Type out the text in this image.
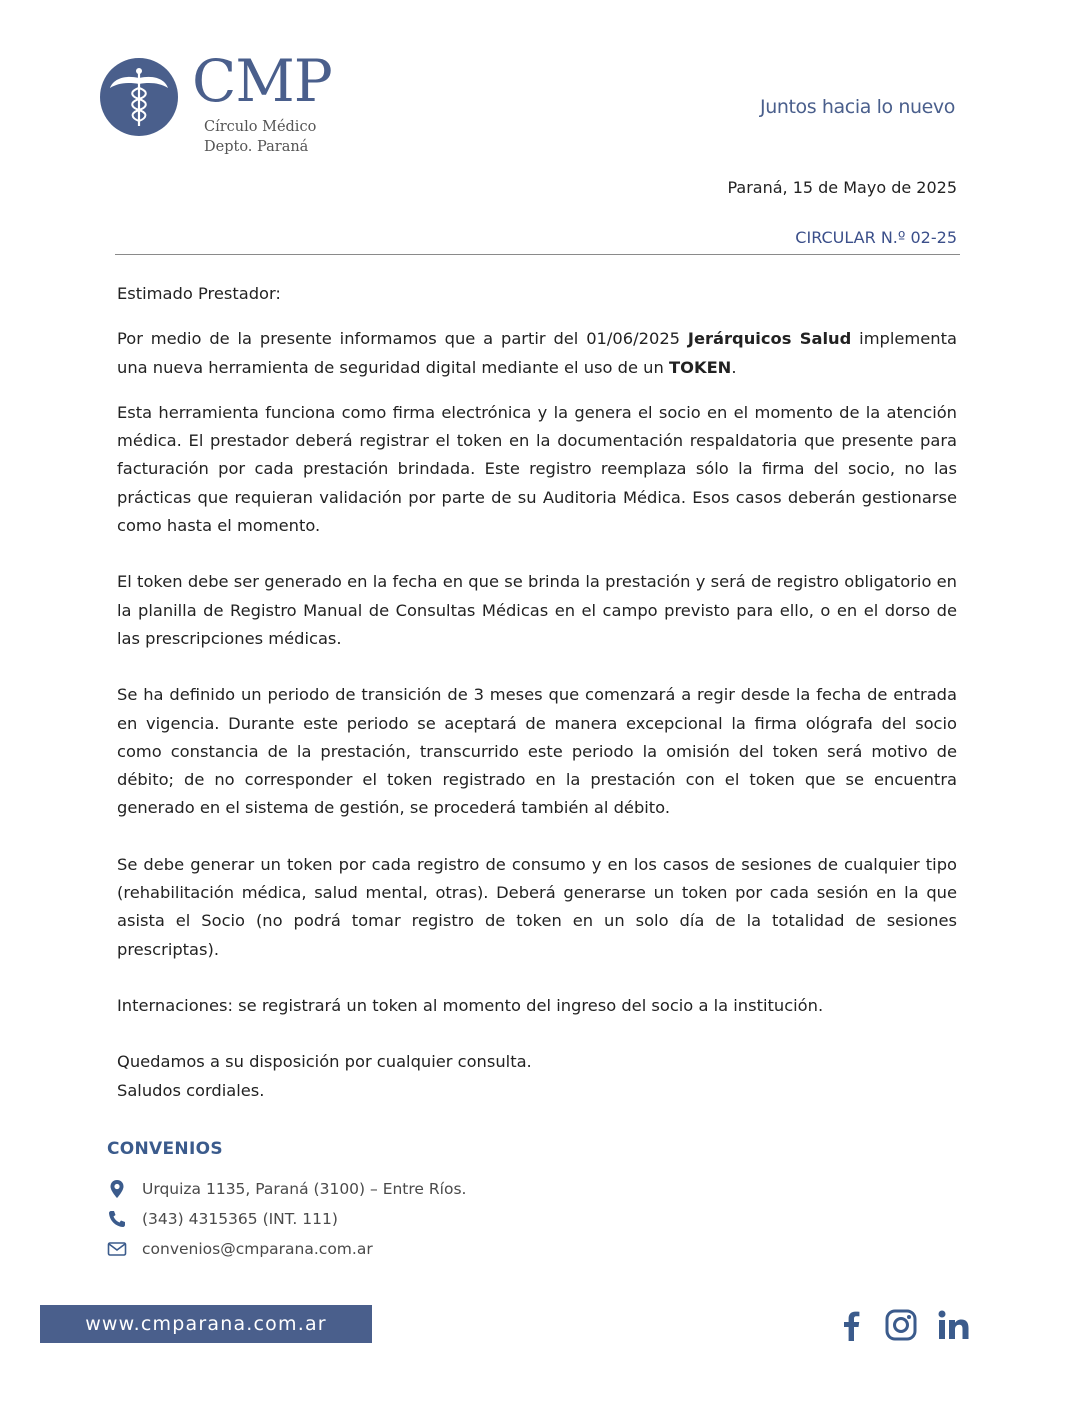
CMP
Círculo Médico
Depto. Paraná
Juntos hacia lo nuevo
Paraná, 15 de Mayo de 2025
CIRCULAR N.º 02-25

Estimado Prestador:

Por medio de la presente informamos que a partir del 01/06/2025 Jerárquicos Salud implementa una nueva herramienta de seguridad digital mediante el uso de un TOKEN.

Esta herramienta funciona como firma electrónica y la genera el socio en el momento de la atención médica. El prestador deberá registrar el token en la documentación respaldatoria que presente para facturación por cada prestación brindada. Este registro reemplaza sólo la firma del socio, no las prácticas que requieran validación por parte de su Auditoria Médica. Esos casos deberán gestionarse como hasta el momento.

El token debe ser generado en la fecha en que se brinda la prestación y será de registro obligatorio en la planilla de Registro Manual de Consultas Médicas en el campo previsto para ello, o en el dorso de las prescripciones médicas.

Se ha definido un periodo de transición de 3 meses que comenzará a regir desde la fecha de entrada en vigencia. Durante este periodo se aceptará de manera excepcional la firma ológrafa del socio como constancia de la prestación, transcurrido este periodo la omisión del token será motivo de débito; de no corresponder el token registrado en la prestación con el token que se encuentra generado en el sistema de gestión, se procederá también al débito.

Se debe generar un token por cada registro de consumo y en los casos de sesiones de cualquier tipo (rehabilitación médica, salud mental, otras). Deberá generarse un token por cada sesión en la que asista el Socio (no podrá tomar registro de token en un solo día de la totalidad de sesiones prescriptas).

Internaciones: se registrará un token al momento del ingreso del socio a la institución.

Quedamos a su disposición por cualquier consulta.

Saludos cordiales.

CONVENIOS
Urquiza 1135, Paraná (3100) – Entre Ríos.
(343) 4315365 (INT. 111)
convenios@cmparana.com.ar
www.cmparana.com.ar
